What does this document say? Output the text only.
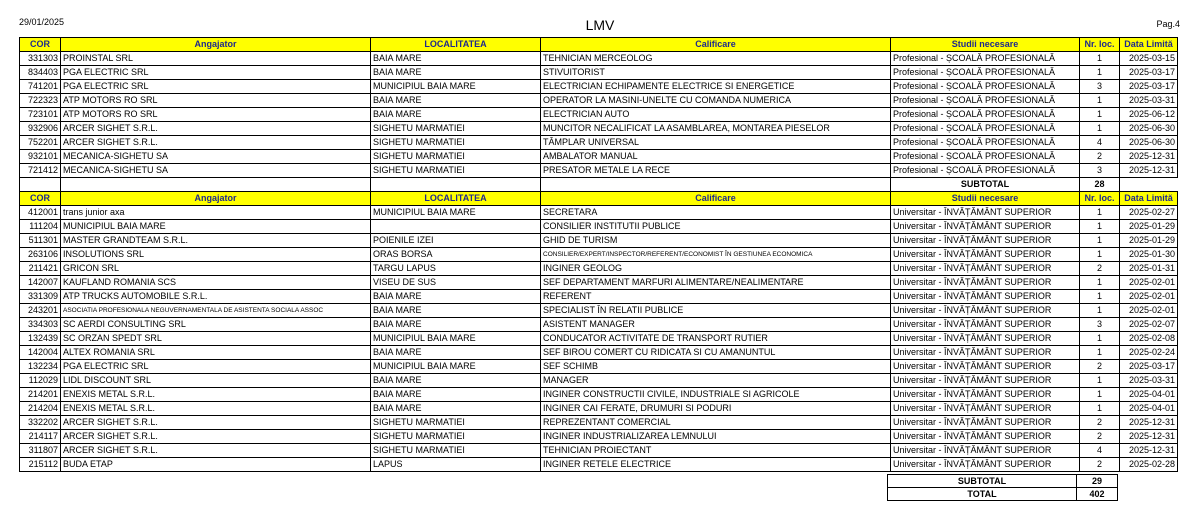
29/01/2025	LMV	Pag.4
COR	Angajator	LOCALITATEA	Calificare	Studii necesare	Nr. loc.	Data Limită
331303	PROINSTAL SRL	BAIA MARE	TEHNICIAN MERCEOLOG	Profesional - ȘCOALĂ PROFESIONALĂ	1	2025-03-15
834403	PGA ELECTRIC SRL	BAIA MARE	STIVUITORIST	Profesional - ȘCOALĂ PROFESIONALĂ	1	2025-03-17
741201	PGA ELECTRIC SRL	MUNICIPIUL BAIA MARE	ELECTRICIAN ECHIPAMENTE ELECTRICE SI ENERGETICE	Profesional - ȘCOALĂ PROFESIONALĂ	3	2025-03-17
722323	ATP MOTORS RO SRL	BAIA MARE	OPERATOR LA MASINI-UNELTE CU COMANDA NUMERICA	Profesional - ȘCOALĂ PROFESIONALĂ	1	2025-03-31
723101	ATP MOTORS RO SRL	BAIA MARE	ELECTRICIAN AUTO	Profesional - ȘCOALĂ PROFESIONALĂ	1	2025-06-12
932906	ARCER SIGHET S.R.L.	SIGHETU MARMATIEI	MUNCITOR NECALIFICAT LA ASAMBLAREA, MONTAREA PIESELOR	Profesional - ȘCOALĂ PROFESIONALĂ	1	2025-06-30
752201	ARCER SIGHET S.R.L.	SIGHETU MARMATIEI	TÂMPLAR UNIVERSAL	Profesional - ȘCOALĂ PROFESIONALĂ	4	2025-06-30
932101	MECANICA-SIGHETU SA	SIGHETU MARMATIEI	AMBALATOR MANUAL	Profesional - ȘCOALĂ PROFESIONALĂ	2	2025-12-31
721412	MECANICA-SIGHETU SA	SIGHETU MARMATIEI	PRESATOR METALE LA RECE	Profesional - ȘCOALĂ PROFESIONALĂ	3	2025-12-31
				SUBTOTAL	28	
COR	Angajator	LOCALITATEA	Calificare	Studii necesare	Nr. loc.	Data Limită
412001	trans junior axa	MUNICIPIUL BAIA MARE	SECRETARA	Universitar - ÎNVĂȚĂMÂNT SUPERIOR	1	2025-02-27
111204	MUNICIPIUL BAIA MARE		CONSILIER INSTITUTII PUBLICE	Universitar - ÎNVĂȚĂMÂNT SUPERIOR	1	2025-01-29
511301	MASTER GRANDTEAM S.R.L.	POIENILE IZEI	GHID DE TURISM	Universitar - ÎNVĂȚĂMÂNT SUPERIOR	1	2025-01-29
263106	INSOLUTIONS SRL	ORAS BORSA	CONSILIER/EXPERT/INSPECTOR/REFERENT/ECONOMIST ÎN GESTIUNEA ECONOMICA	Universitar - ÎNVĂȚĂMÂNT SUPERIOR	1	2025-01-30
211421	GRICON SRL	TARGU LAPUS	INGINER GEOLOG	Universitar - ÎNVĂȚĂMÂNT SUPERIOR	2	2025-01-31
142007	KAUFLAND ROMANIA SCS	VISEU DE SUS	SEF DEPARTAMENT MARFURI ALIMENTARE/NEALIMENTARE	Universitar - ÎNVĂȚĂMÂNT SUPERIOR	1	2025-02-01
331309	ATP TRUCKS AUTOMOBILE S.R.L.	BAIA MARE	REFERENT	Universitar - ÎNVĂȚĂMÂNT SUPERIOR	1	2025-02-01
243201	ASOCIATIA PROFESIONALA NEGUVERNAMENTALA DE ASISTENTA SOCIALA ASSOC	BAIA MARE	SPECIALIST ÎN RELATII PUBLICE	Universitar - ÎNVĂȚĂMÂNT SUPERIOR	1	2025-02-01
334303	SC AERDI CONSULTING SRL	BAIA MARE	ASISTENT MANAGER	Universitar - ÎNVĂȚĂMÂNT SUPERIOR	3	2025-02-07
132439	SC ORZAN SPEDT SRL	MUNICIPIUL BAIA MARE	CONDUCATOR ACTIVITATE DE TRANSPORT RUTIER	Universitar - ÎNVĂȚĂMÂNT SUPERIOR	1	2025-02-08
142004	ALTEX ROMANIA SRL	BAIA MARE	SEF BIROU COMERT CU RIDICATA SI CU AMANUNTUL	Universitar - ÎNVĂȚĂMÂNT SUPERIOR	1	2025-02-24
132234	PGA ELECTRIC SRL	MUNICIPIUL BAIA MARE	SEF SCHIMB	Universitar - ÎNVĂȚĂMÂNT SUPERIOR	2	2025-03-17
112029	LIDL DISCOUNT SRL	BAIA MARE	MANAGER	Universitar - ÎNVĂȚĂMÂNT SUPERIOR	1	2025-03-31
214201	ENEXIS METAL S.R.L.	BAIA MARE	INGINER CONSTRUCTII CIVILE, INDUSTRIALE SI AGRICOLE	Universitar - ÎNVĂȚĂMÂNT SUPERIOR	1	2025-04-01
214204	ENEXIS METAL S.R.L.	BAIA MARE	INGINER CAI FERATE, DRUMURI SI PODURI	Universitar - ÎNVĂȚĂMÂNT SUPERIOR	1	2025-04-01
332202	ARCER SIGHET S.R.L.	SIGHETU MARMATIEI	REPREZENTANT COMERCIAL	Universitar - ÎNVĂȚĂMÂNT SUPERIOR	2	2025-12-31
214117	ARCER SIGHET S.R.L.	SIGHETU MARMATIEI	INGINER INDUSTRIALIZAREA LEMNULUI	Universitar - ÎNVĂȚĂMÂNT SUPERIOR	2	2025-12-31
311807	ARCER SIGHET S.R.L.	SIGHETU MARMATIEI	TEHNICIAN PROIECTANT	Universitar - ÎNVĂȚĂMÂNT SUPERIOR	4	2025-12-31
215112	BUDA ETAP	LAPUS	INGINER RETELE ELECTRICE	Universitar - ÎNVĂȚĂMÂNT SUPERIOR	2	2025-02-28
SUBTOTAL	29
TOTAL	402
